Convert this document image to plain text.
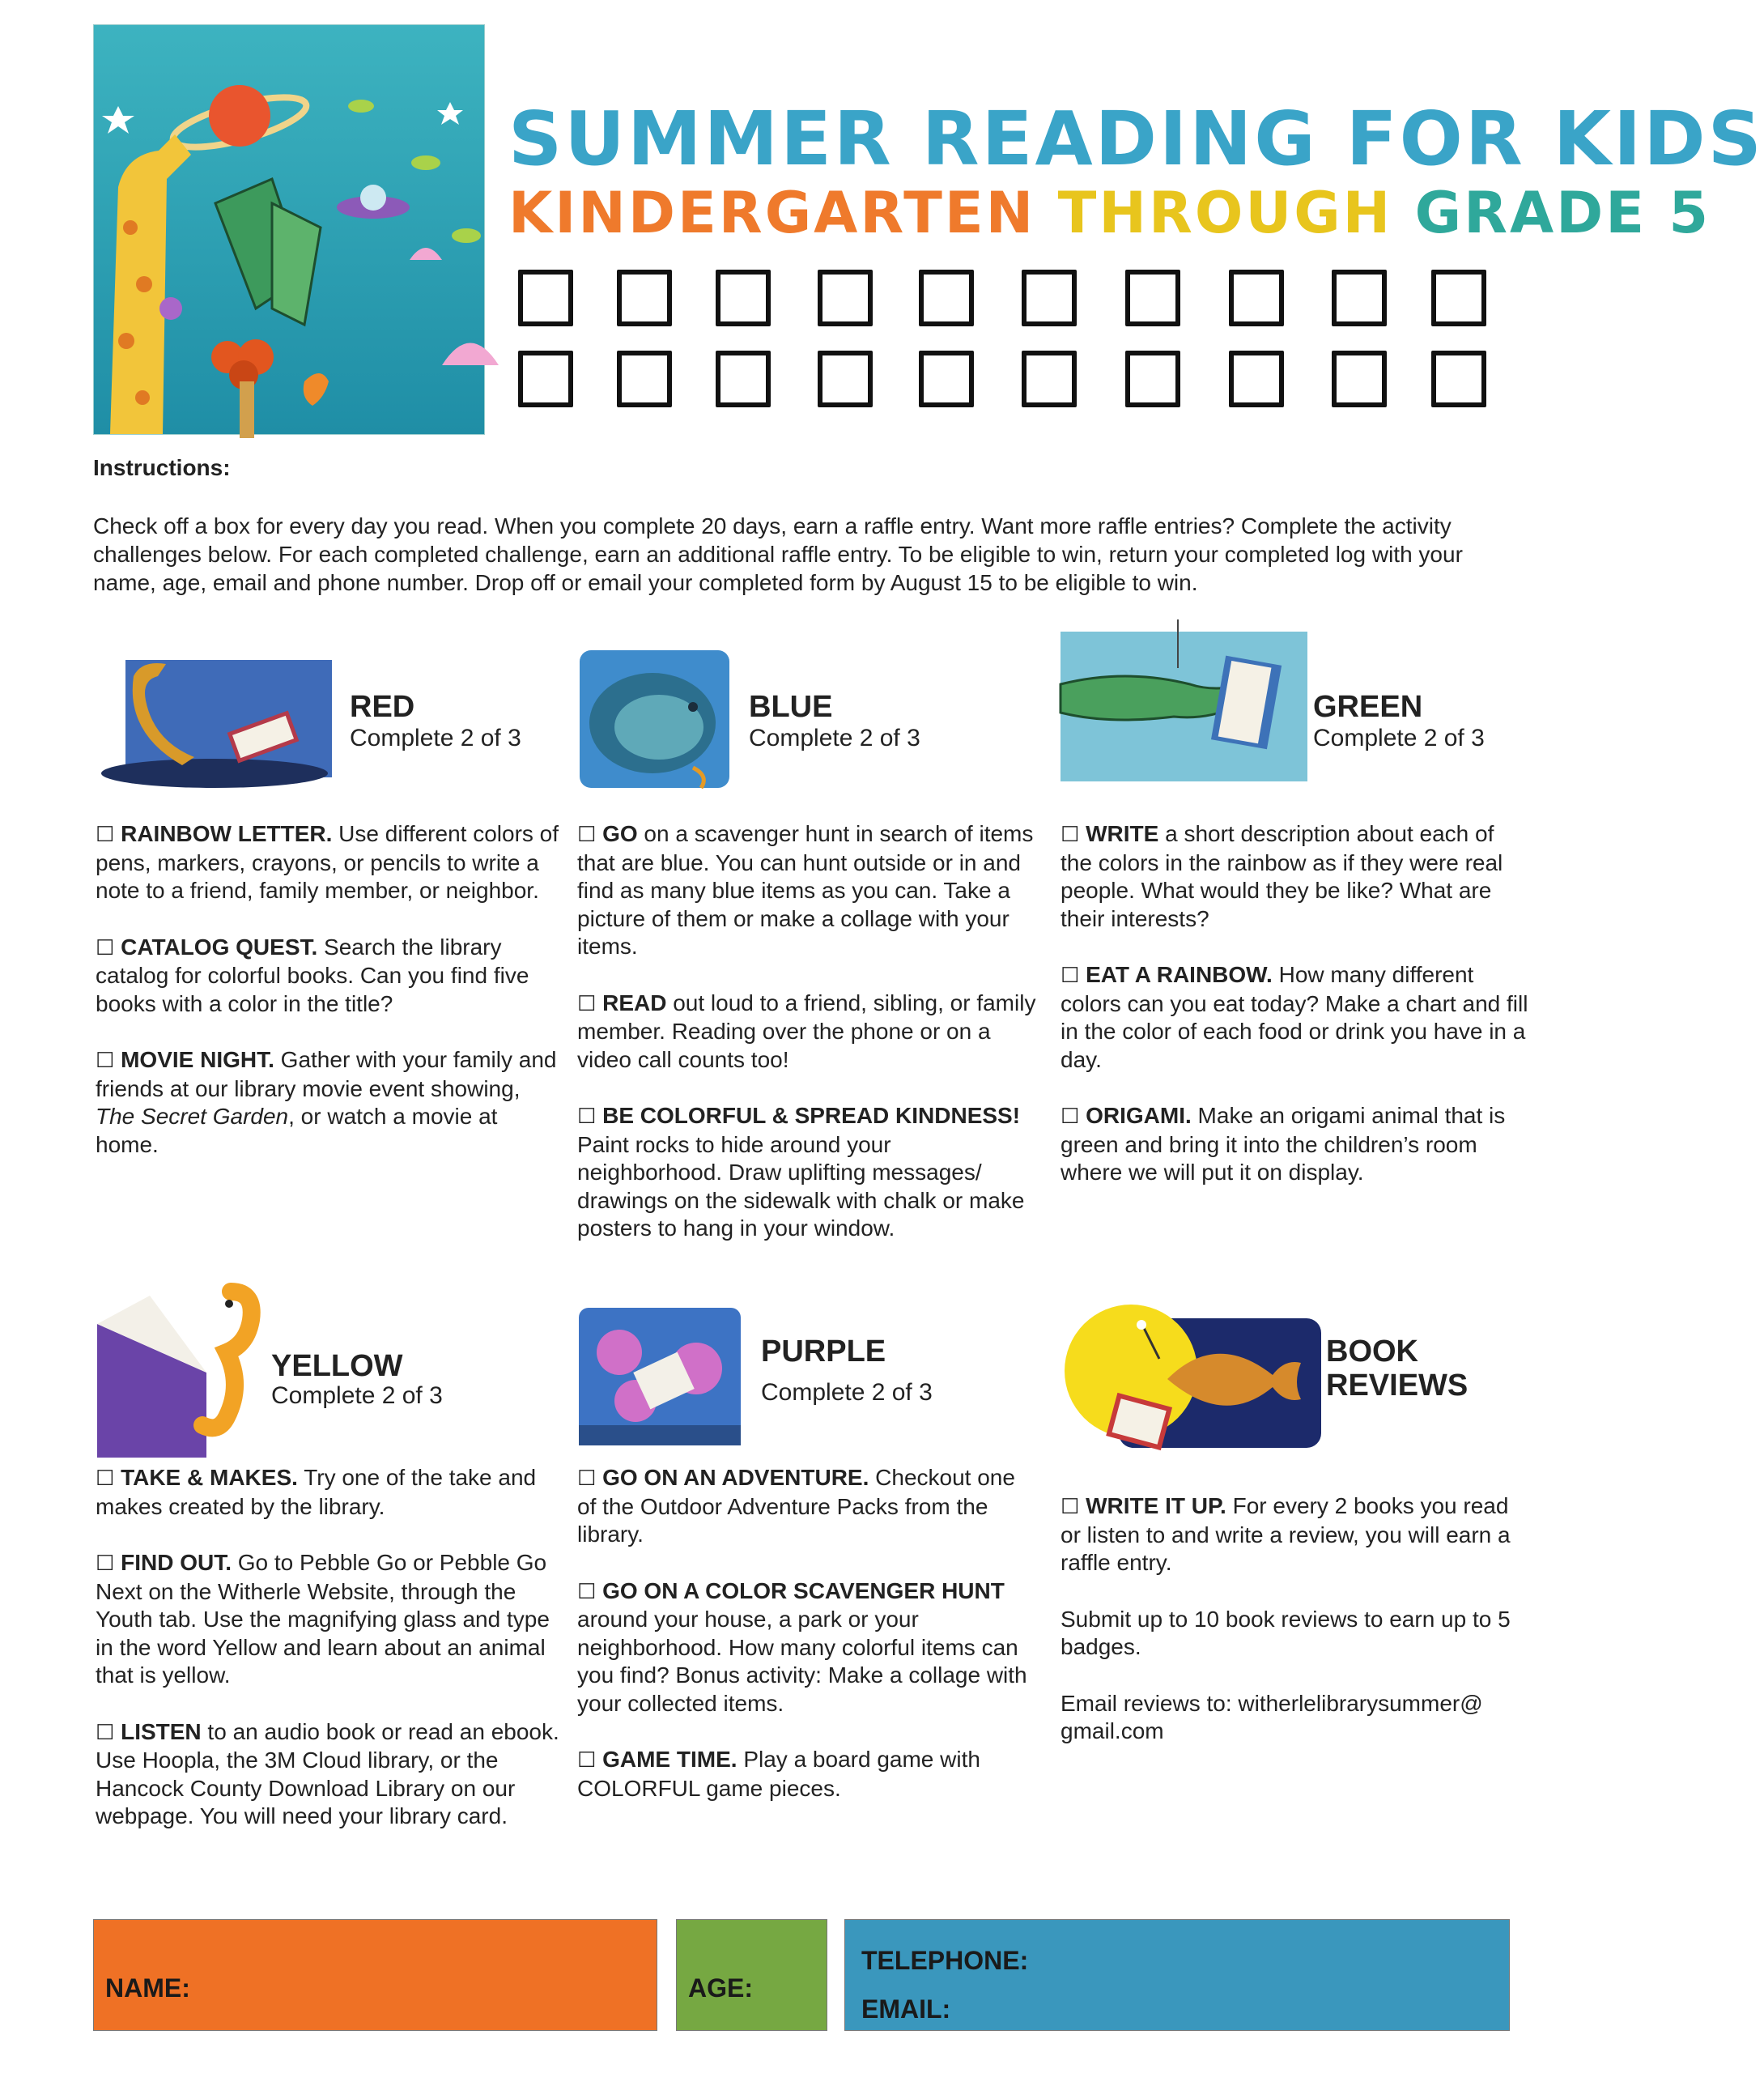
SUMMER READING FOR KIDS
KINDERGARTEN THROUGH GRADE 5
Instructions:
Check off a box for every day you read. When you complete 20 days, earn a raffle entry. Want more raffle entries? Complete the activity challenges below. For each completed challenge, earn an additional raffle entry. To be eligible to win, return your completed log with your name, age, email and phone number. Drop off or email your completed form by August 15 to be eligible to win.
RED
Complete 2 of 3

☐ RAINBOW LETTER. Use different colors of pens, markers, crayons, or pencils to write a note to a friend, family member, or neighbor.

☐ CATALOG QUEST. Search the library catalog for colorful books. Can you find five books with a color in the title?

☐ MOVIE NIGHT. Gather with your family and friends at our library movie event showing, The Secret Garden, or watch a movie at home.

BLUE
Complete 2 of 3

☐ GO on a scavenger hunt in search of items that are blue. You can hunt outside or in and find as many blue items as you can. Take a picture of them or make a collage with your items.

☐ READ out loud to a friend, sibling, or family member. Reading over the phone or on a video call counts too!

☐ BE COLORFUL & SPREAD KINDNESS! Paint rocks to hide around your neighborhood. Draw uplifting messages/ drawings on the sidewalk with chalk or make posters to hang in your window.

GREEN
Complete 2 of 3

☐ WRITE a short description about each of the colors in the rainbow as if they were real people. What would they be like? What are their interests?

☐ EAT A RAINBOW. How many different colors can you eat today? Make a chart and fill in the color of each food or drink you have in a day.

☐ ORIGAMI. Make an origami animal that is green and bring it into the children’s room where we will put it on display.

YELLOW
Complete 2 of 3

☐ TAKE & MAKES. Try one of the take and makes created by the library.

☐ FIND OUT. Go to Pebble Go or Pebble Go Next on the Witherle Website, through the Youth tab. Use the magnifying glass and type in the word Yellow and learn about an animal that is yellow.

☐ LISTEN to an audio book or read an ebook. Use Hoopla, the 3M Cloud library, or the Hancock County Download Library on our webpage. You will need your library card.

PURPLE
Complete 2 of 3

☐ GO ON AN ADVENTURE. Checkout one of the Outdoor Adventure Packs from the library.

☐ GO ON A COLOR SCAVENGER HUNT around your house, a park or your neighborhood. How many colorful items can you find? Bonus activity: Make a collage with your collected items.

☐ GAME TIME. Play a board game with COLORFUL game pieces.

BOOK
REVIEWS

☐ WRITE IT UP. For every 2 books you read or listen to and write a review, you will earn a raffle entry.

Submit up to 10 book reviews to earn up to 5 badges.

Email reviews to: witherlelibrarysummer@ gmail.com

NAME:	AGE:
TELEPHONE:
EMAIL:
